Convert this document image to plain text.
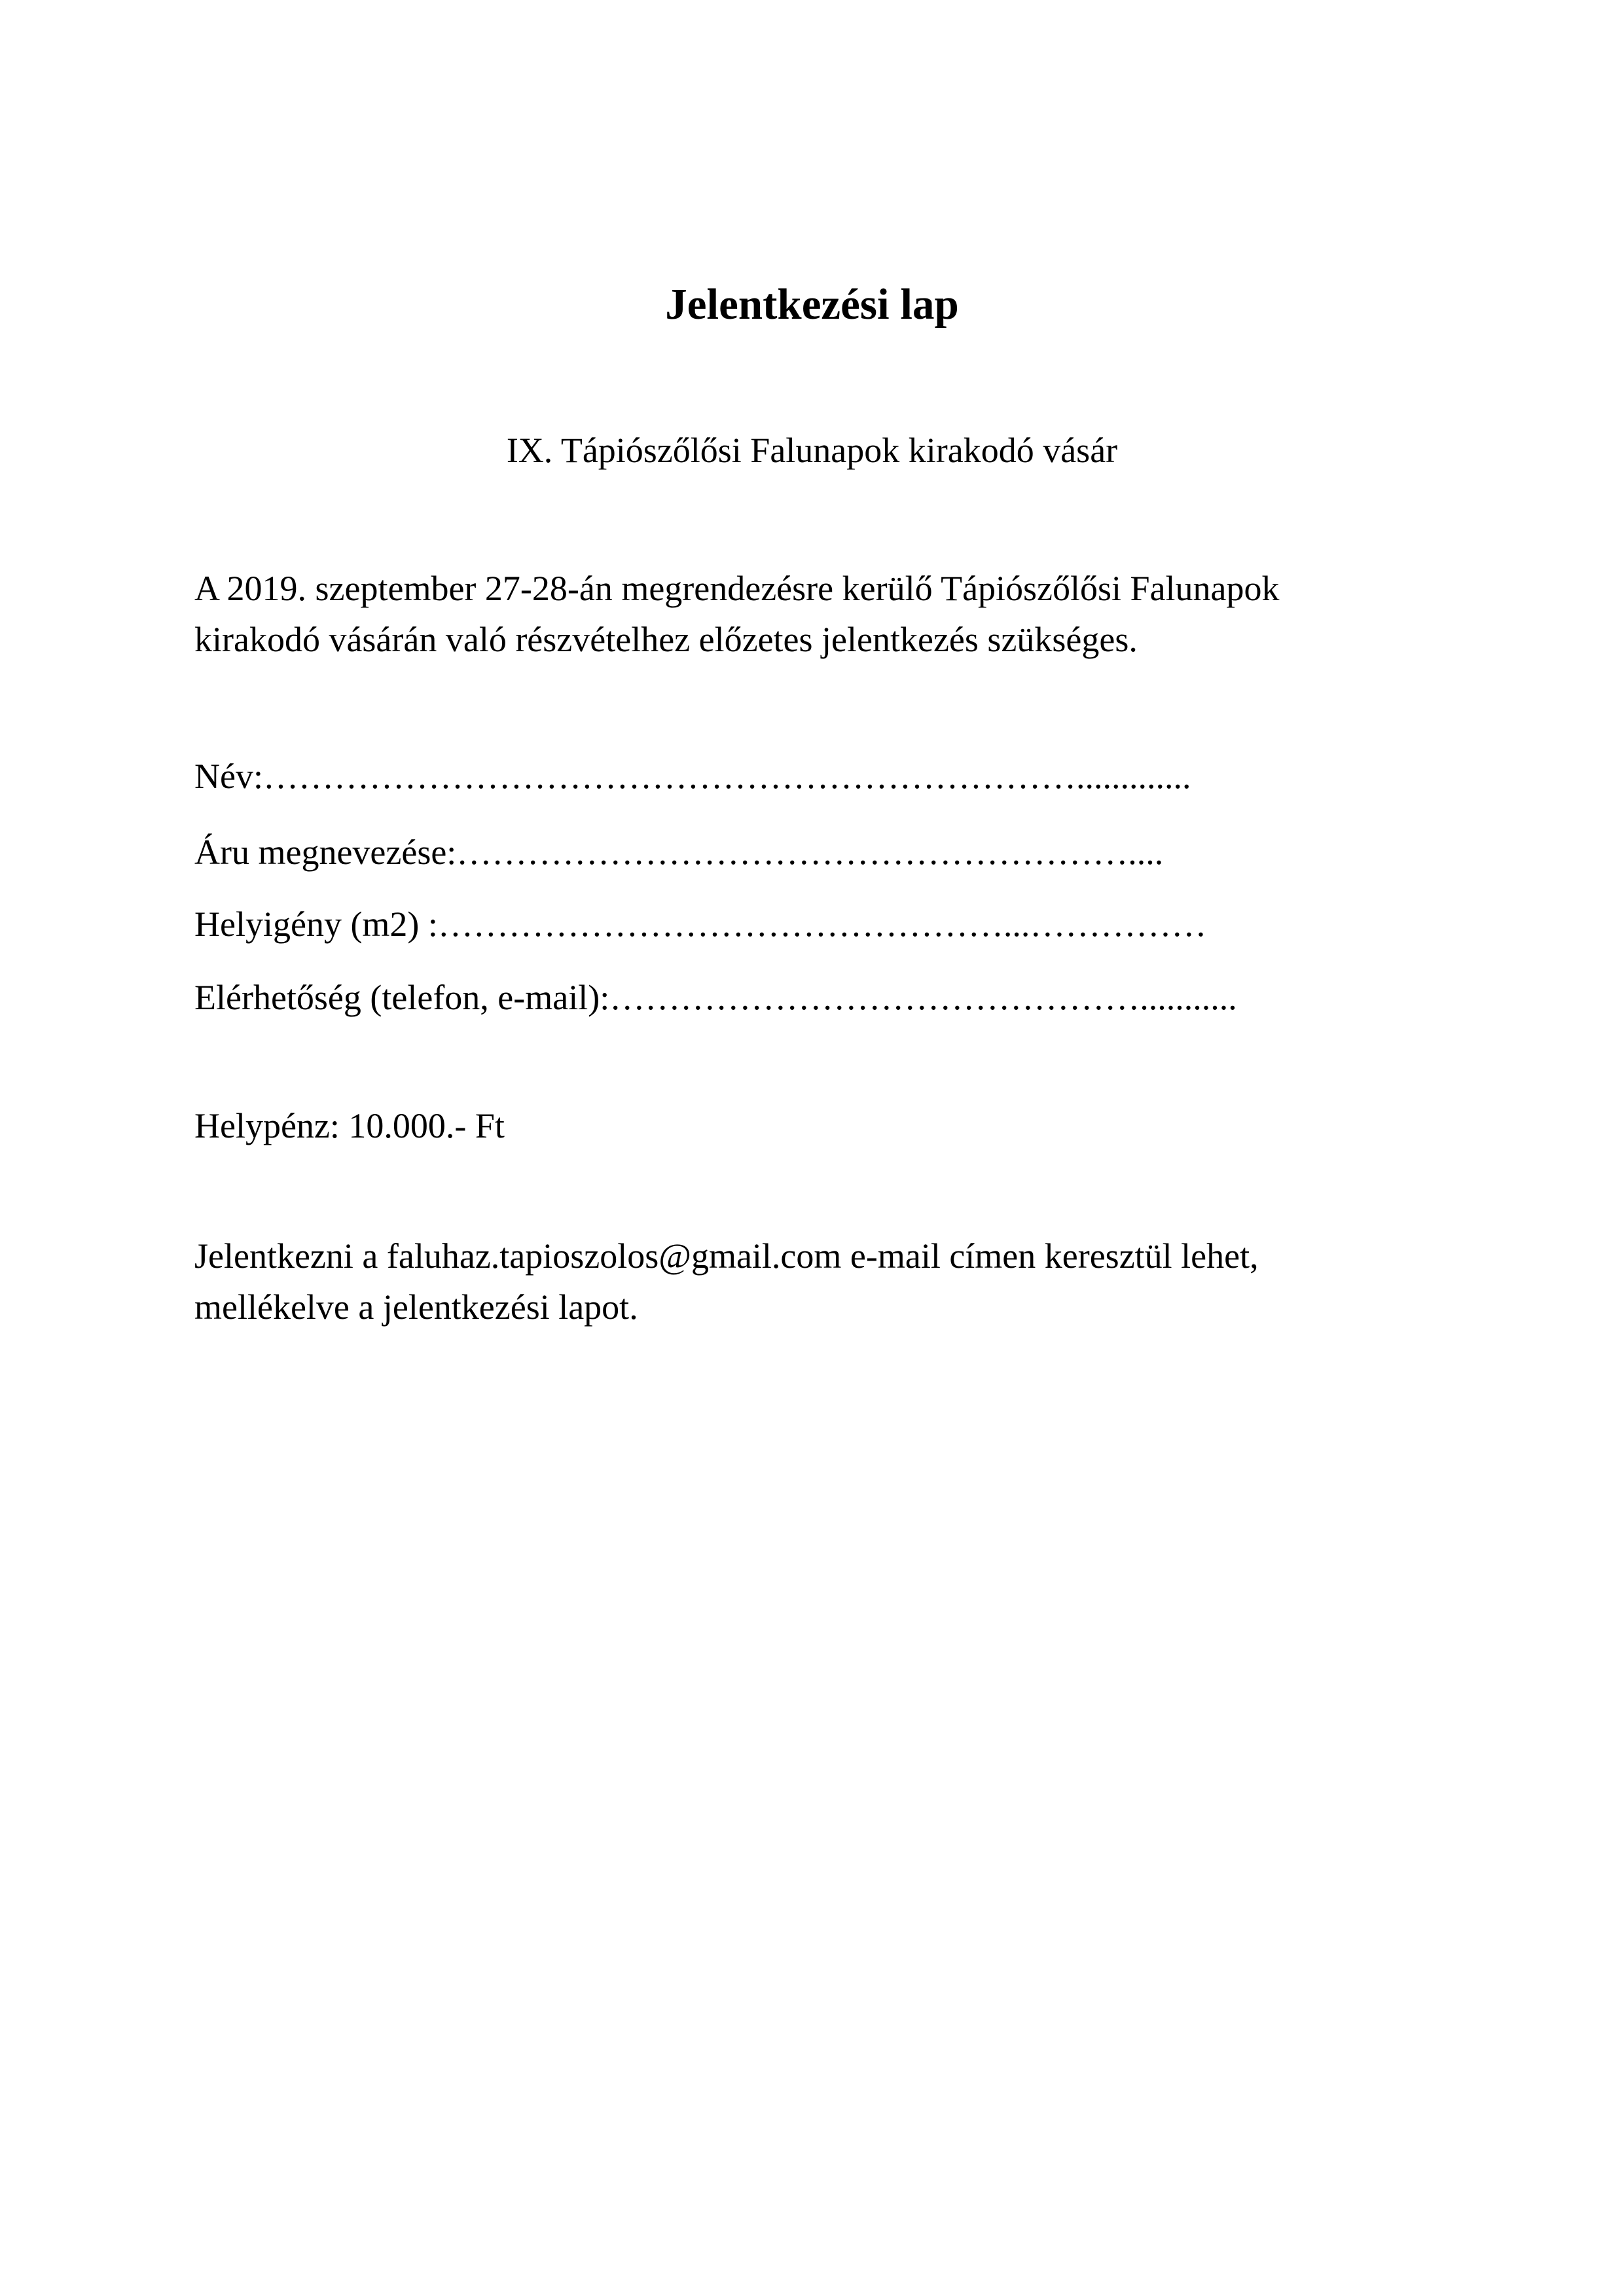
Jelentkezési lap

IX. Tápiószőlősi Falunapok kirakodó vásár

A 2019. szeptember 27-28-án megrendezésre kerülő Tápiószőlősi Falunapok
kirakodó vásárán való részvételhez előzetes jelentkezés szükséges.

Név:…………………………………………………………….............

Áru megnevezése:…………………………………………………....

Helyigény (m2) :…………………………………………...……………

Elérhetőség (telefon, e-mail):………………………………………...........

Helypénz: 10.000.- Ft

Jelentkezni a faluhaz.tapioszolos@gmail.com e-mail címen keresztül lehet,
mellékelve a jelentkezési lapot.
